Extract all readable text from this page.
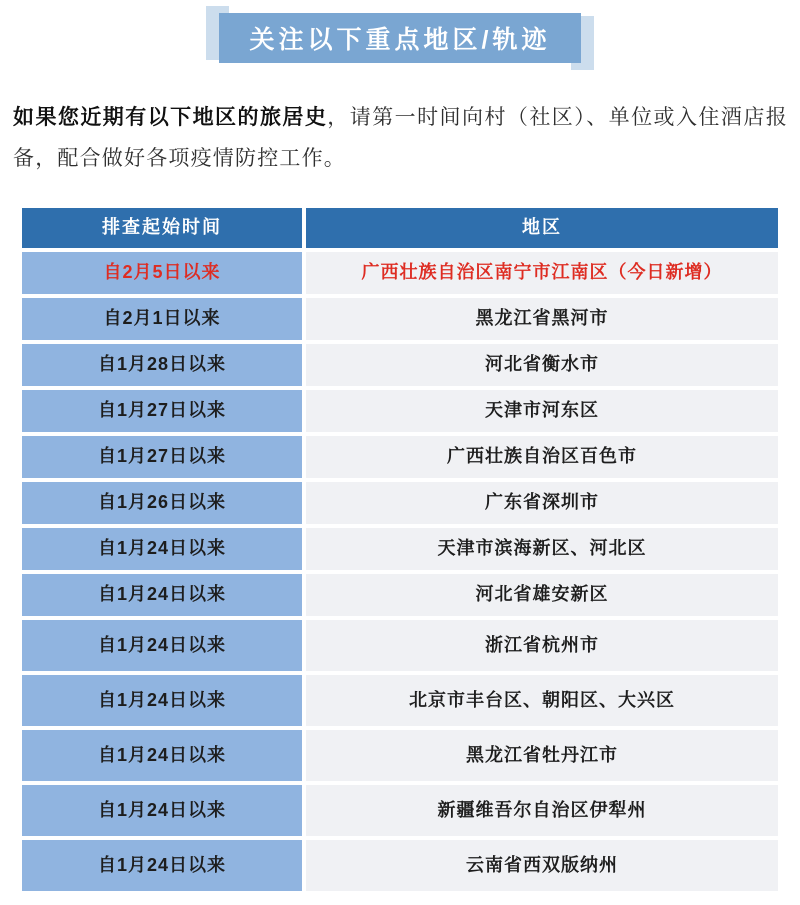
关注以下重点地区/轨迹

如果您近期有以下地区的旅居史，请第一时间向村（社区）、单位或入住酒店报备，配合做好各项疫情防控工作。

排查起始时间	地区
自2月5日以来	广西壮族自治区南宁市江南区（今日新增）
自2月1日以来	黑龙江省黑河市
自1月28日以来	河北省衡水市
自1月27日以来	天津市河东区
自1月27日以来	广西壮族自治区百色市
自1月26日以来	广东省深圳市
自1月24日以来	天津市滨海新区、河北区
自1月24日以来	河北省雄安新区
自1月24日以来	浙江省杭州市
自1月24日以来	北京市丰台区、朝阳区、大兴区
自1月24日以来	黑龙江省牡丹江市
自1月24日以来	新疆维吾尔自治区伊犁州
自1月24日以来	云南省西双版纳州
